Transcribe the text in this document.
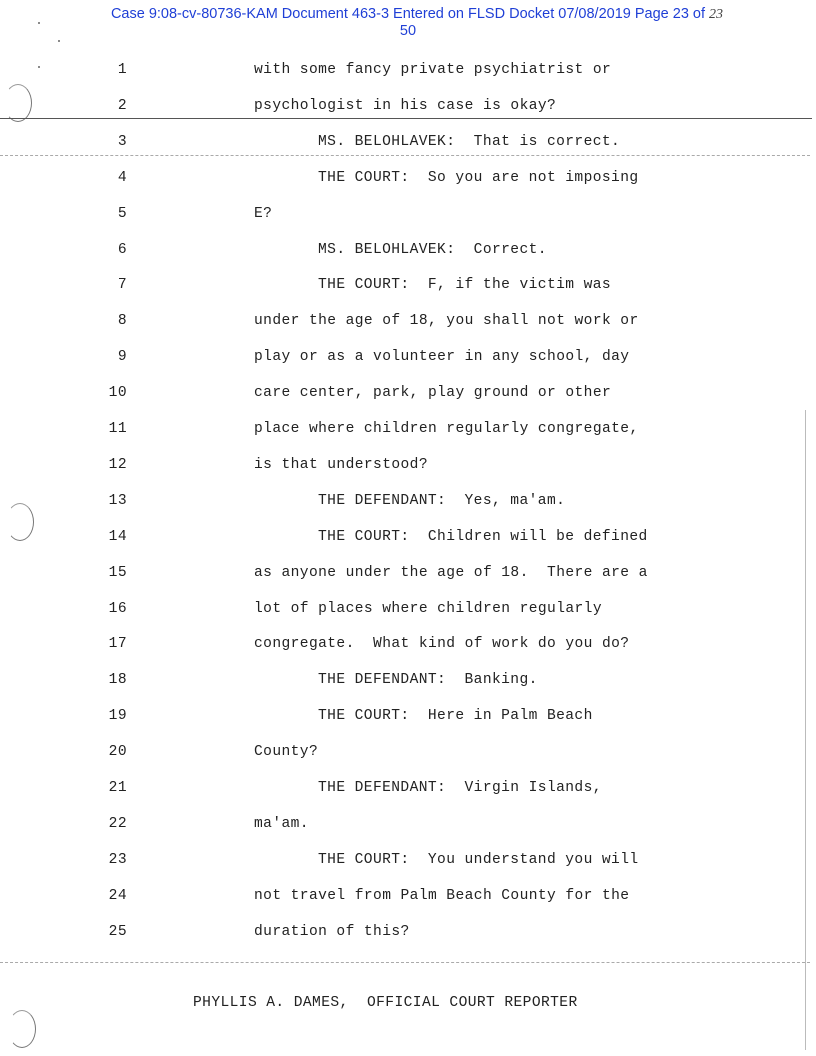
Case 9:08-cv-80736-KAM Document 463-3 Entered on FLSD Docket 07/08/2019 Page 23 of 23
50
1	with some fancy private psychiatrist or
2	psychologist in his case is okay?
3	MS. BELOHLAVEK:  That is correct.
4	THE COURT:  So you are not imposing
5	E?
6	MS. BELOHLAVEK:  Correct.
7	THE COURT:  F, if the victim was
8	under the age of 18, you shall not work or
9	play or as a volunteer in any school, day
10	care center, park, play ground or other
11	place where children regularly congregate,
12	is that understood?
13	THE DEFENDANT:  Yes, ma'am.
14	THE COURT:  Children will be defined
15	as anyone under the age of 18.  There are a
16	lot of places where children regularly
17	congregate.  What kind of work do you do?
18	THE DEFENDANT:  Banking.
19	THE COURT:  Here in Palm Beach
20	County?
21	THE DEFENDANT:  Virgin Islands,
22	ma'am.
23	THE COURT:  You understand you will
24	not travel from Palm Beach County for the
25	duration of this?
PHYLLIS A. DAMES,  OFFICIAL COURT REPORTER
